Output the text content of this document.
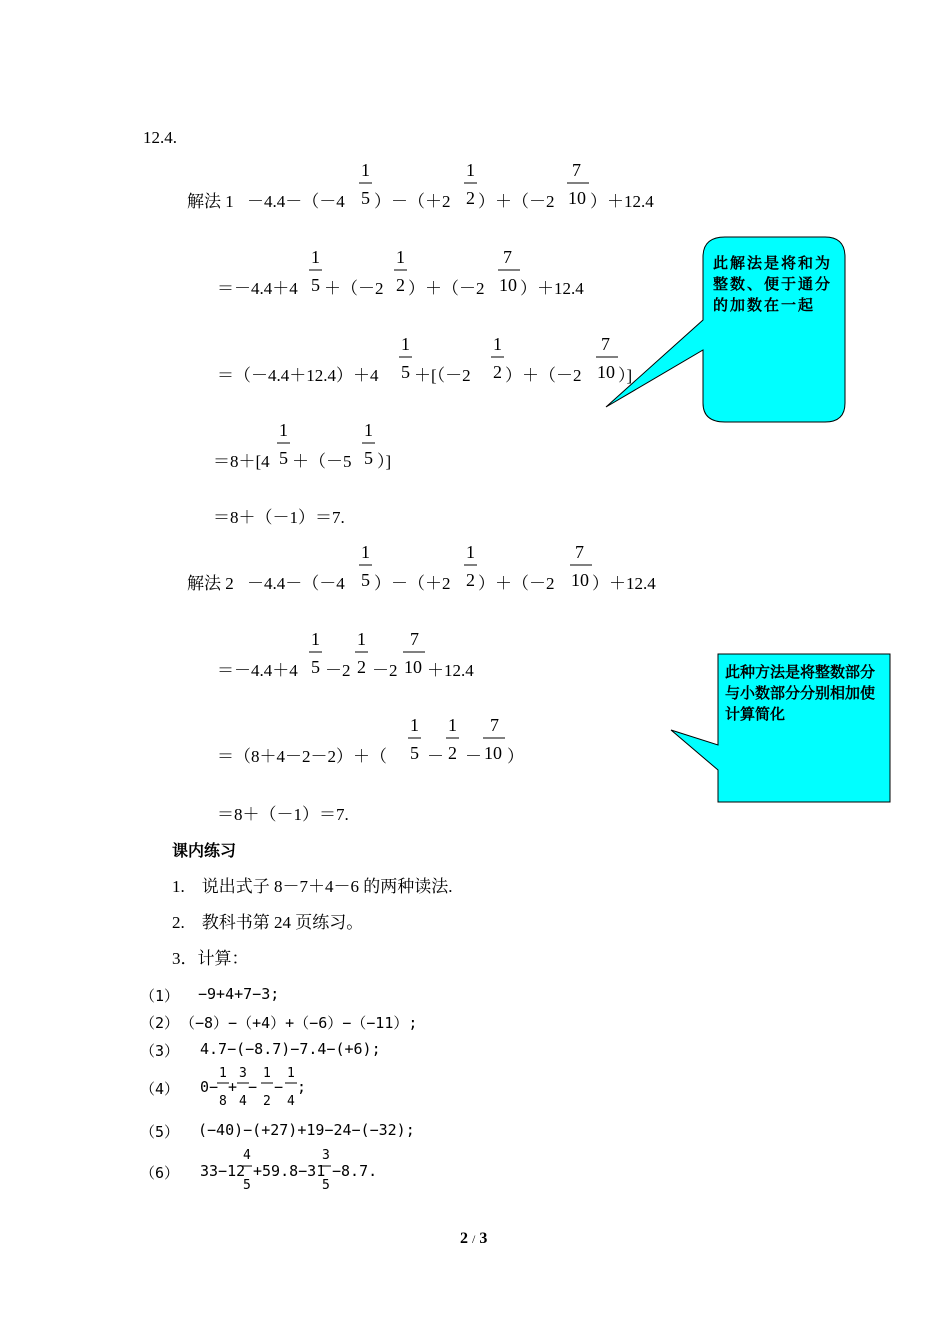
此解法是将和为整数、便于通分的加数在一起
此种方法是将整数部分与小数部分分别相加使计算简化
12.4.
解法 1 －4.4－（－4
1
5 ）－（＋2
1
2 ）＋（－2
7
10 ）＋12.4
＝－4.4＋4
1
5 ＋（－2
1
2 ）＋（－2
7
10 ）＋12.4
＝（－4.4＋12.4）＋4
1
5 ＋[（－2
1
2 ）＋（－2
7
10 ）]
＝8＋[4
1
5 ＋（－5
1
5 ）]
＝8＋（－1）＝7.
解法 2 －4.4－（－4
1
5 ）－（＋2
1
2 ）＋（－2
7
10 ）＋12.4
＝－4.4＋4
1
5 －2
1
2 －2
7
10 ＋12.4
＝（8＋4－2－2）＋（
1
5 －
1
2 －
7
10 ）
＝8＋（－1）＝7.
课内练习
1.　说出式子 8－7＋4－6 的两种读法.
2.　教科书第 24 页练习。
3．计算：
（1） −9+4+7−3;
（2） （−8）−（+4）+（−6）−（−11）;
（3） 4.7−(−8.7)−7.4−(+6);
（4） 0−
1
8
+
3
4
−
1
2
−
1
4
;
（5） (−40)−(+27)+19−24−(−32);
（6） 33−12
4
5
+59.8−31
3
5
−8.7.
2 / 3
